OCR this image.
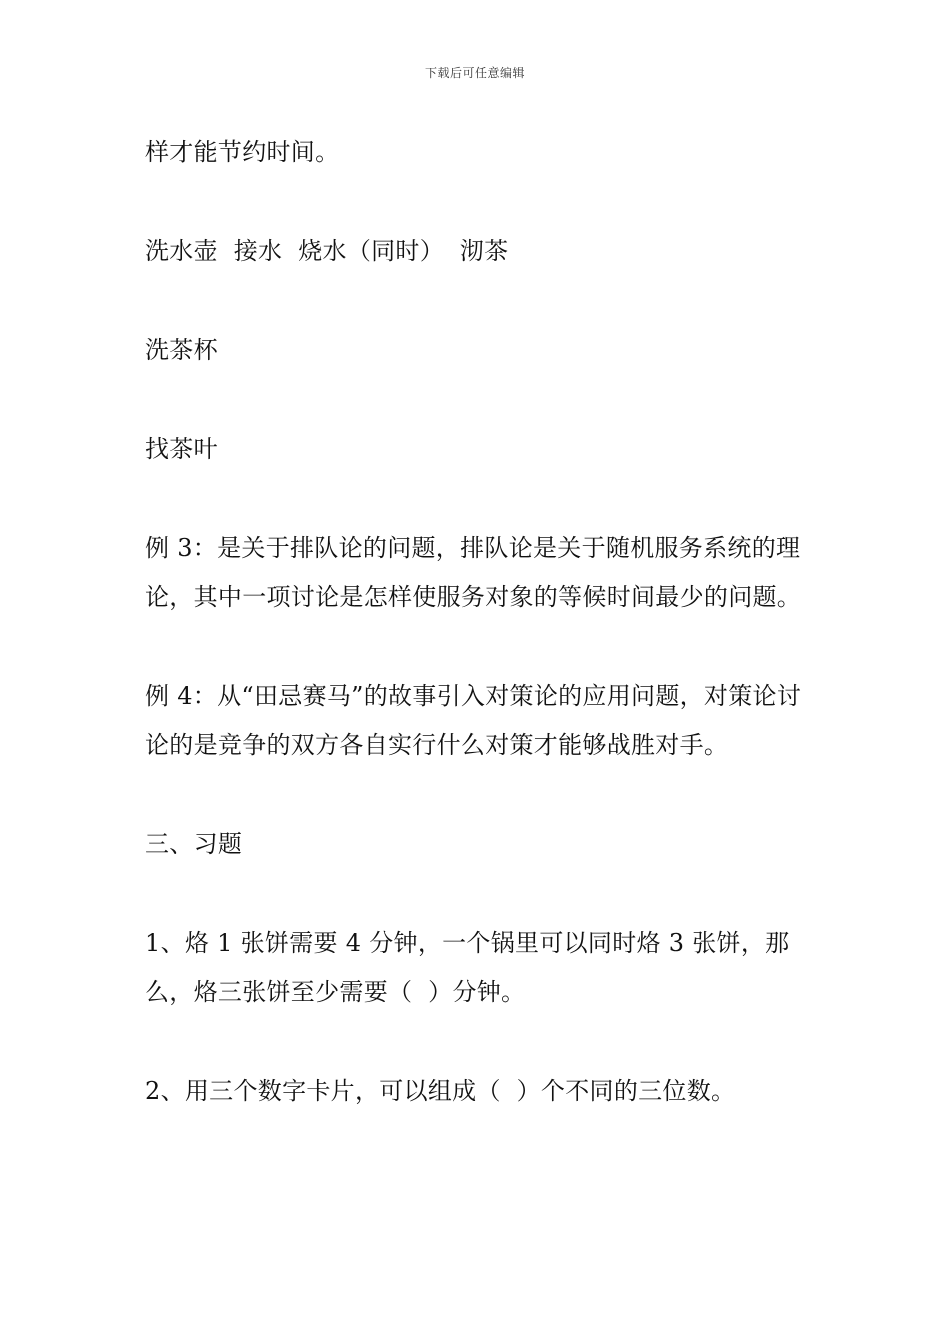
下载后可任意编辑

样才能节约时间。

洗水壶  接水  烧水（同时）  沏茶

洗茶杯

找茶叶

例 3：是关于排队论的问题，排队论是关于随机服务系统的理论，其中一项讨论是怎样使服务对象的等候时间最少的问题。

例 4：从“田忌赛马”的故事引入对策论的应用问题，对策论讨论的是竞争的双方各自实行什么对策才能够战胜对手。

三、习题

1、烙 1 张饼需要 4 分钟，一个锅里可以同时烙 3 张饼，那么，烙三张饼至少需要（  ）分钟。

2、用三个数字卡片，可以组成（  ）个不同的三位数。
